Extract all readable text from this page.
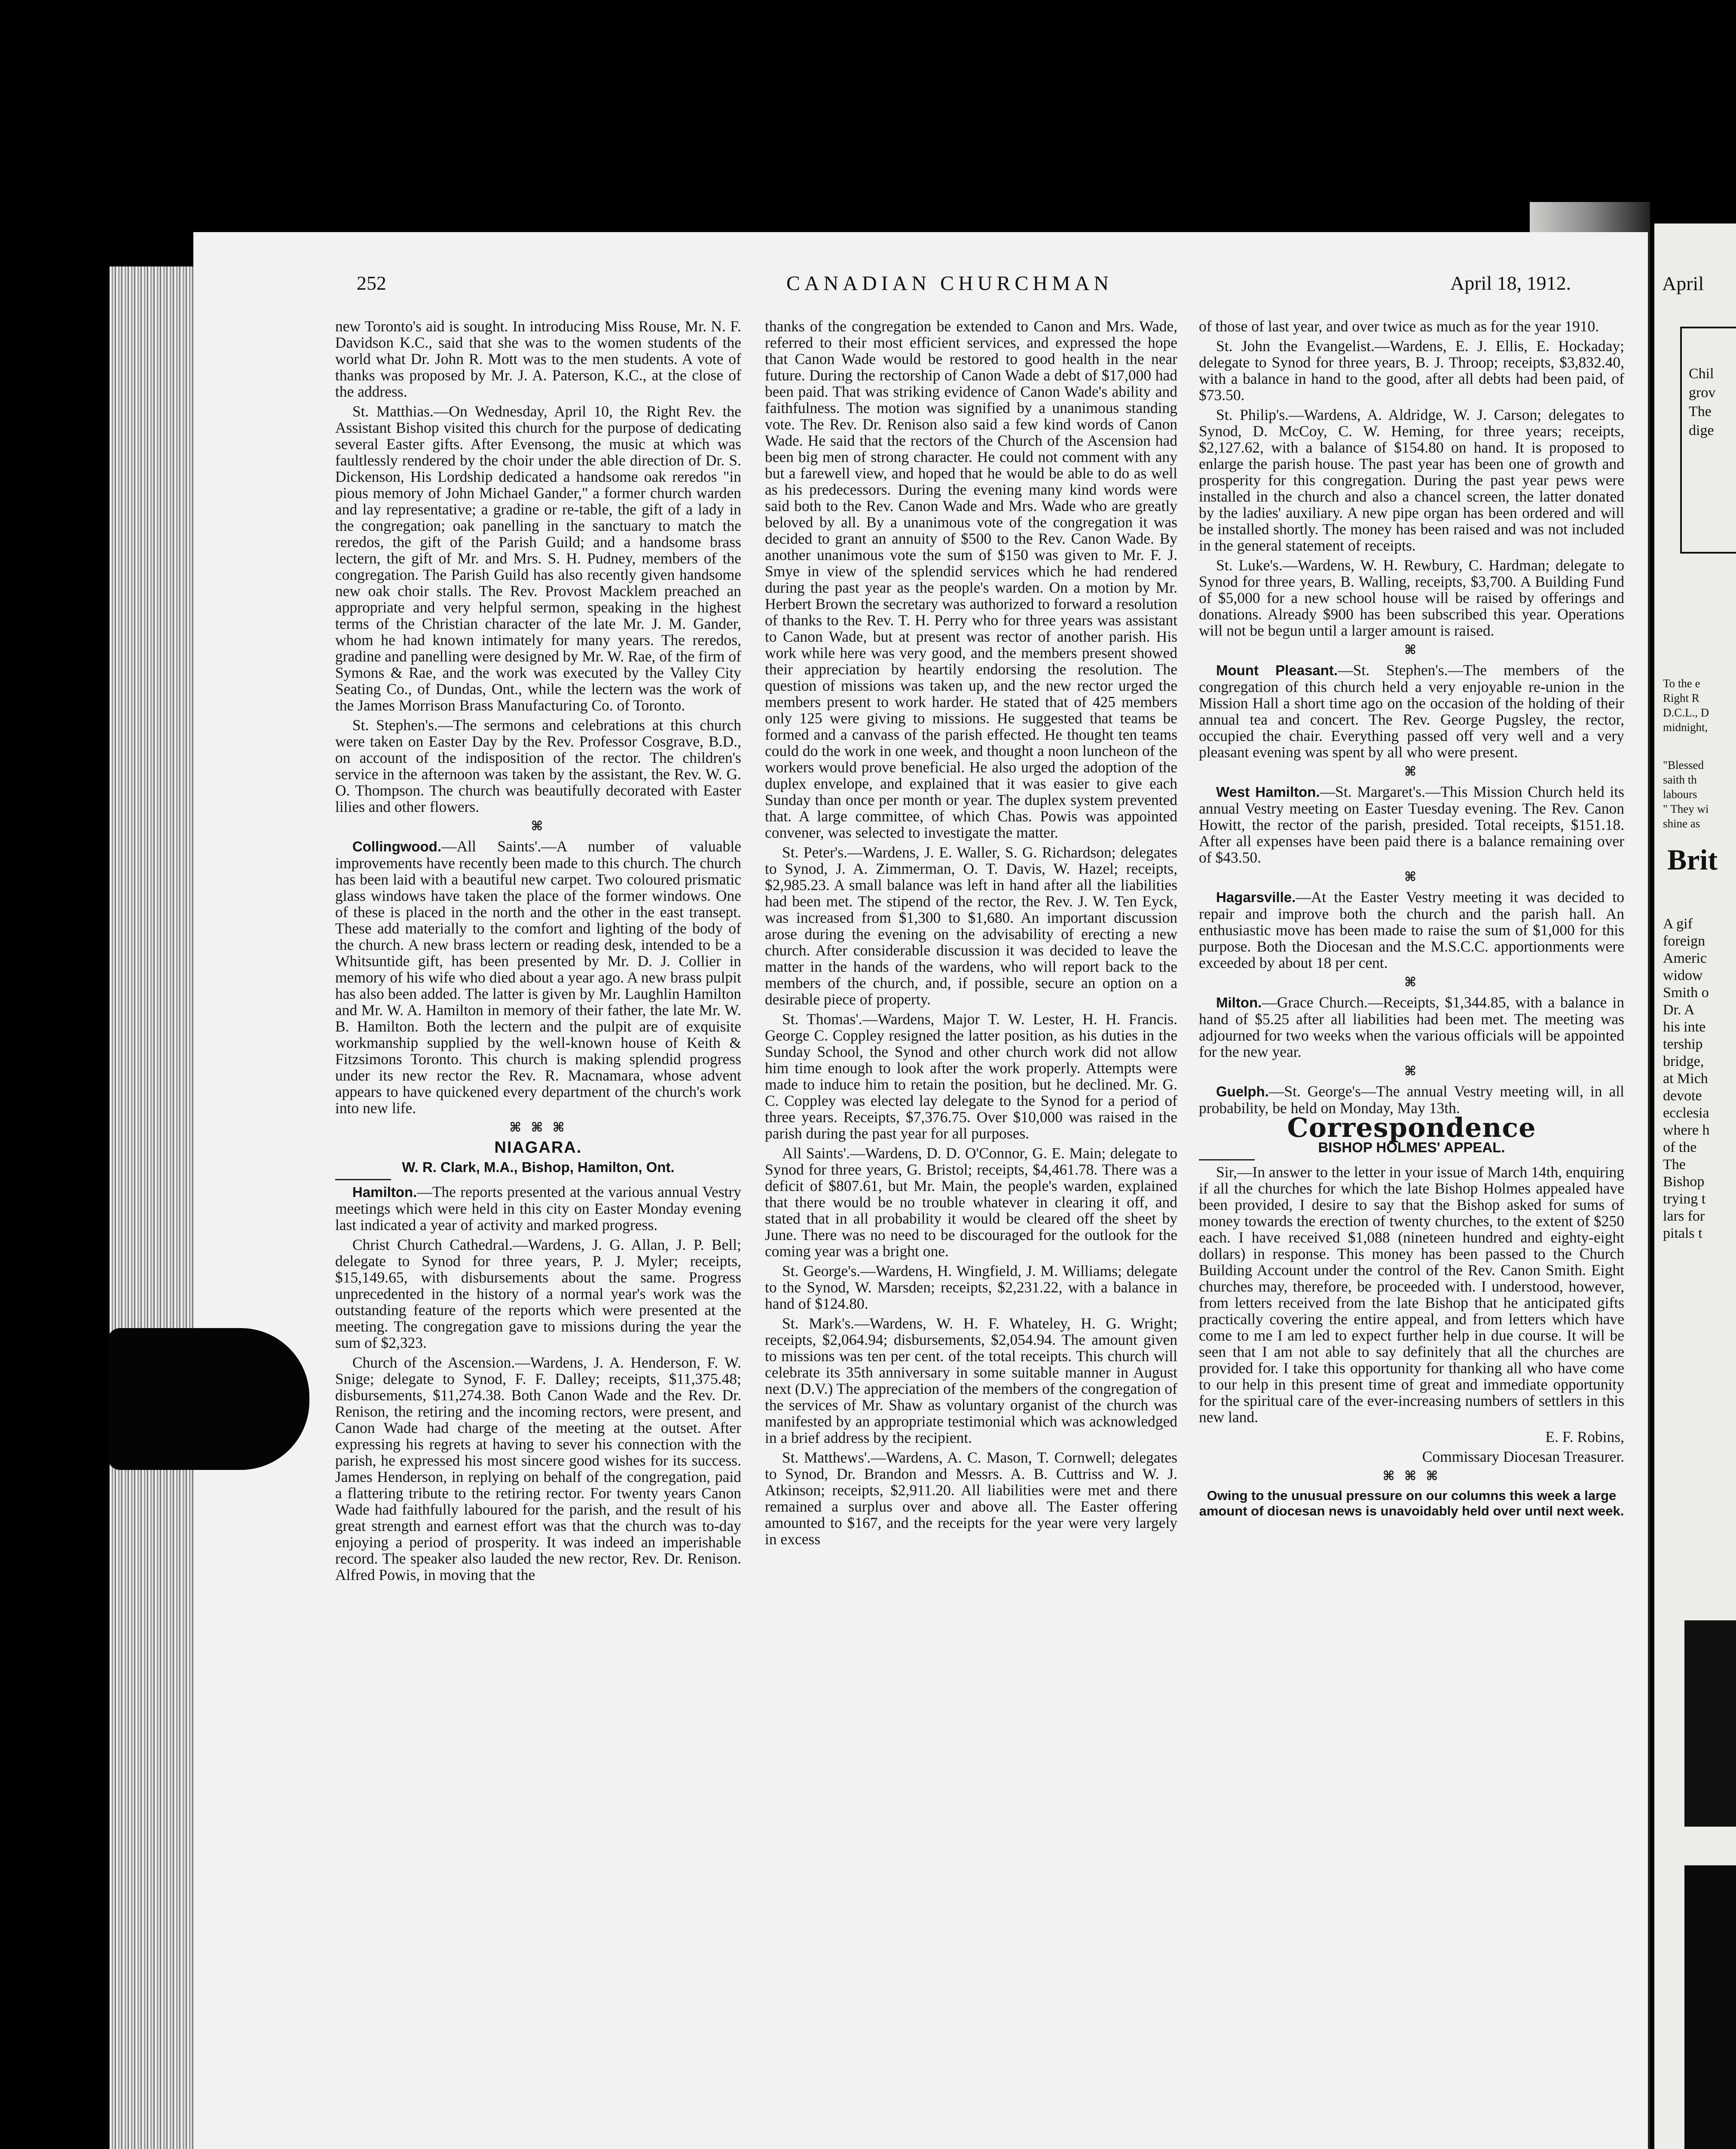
252	CANADIAN CHURCHMAN	April 18, 1912.

new Toronto's aid is sought. In introducing Miss Rouse, Mr. N. F. Davidson K.C., said that she was to the women students of the world what Dr. John R. Mott was to the men students. A vote of thanks was proposed by Mr. J. A. Paterson, K.C., at the close of the address.

St. Matthias.—On Wednesday, April 10, the Right Rev. the Assistant Bishop visited this church for the purpose of dedicating several Easter gifts. After Evensong, the music at which was faultlessly rendered by the choir under the able direction of Dr. S. Dickenson, His Lordship dedicated a handsome oak reredos "in pious memory of John Michael Gander," a former church warden and lay representative; a gradine or re-table, the gift of a lady in the congregation; oak panelling in the sanctuary to match the reredos, the gift of the Parish Guild; and a handsome brass lectern, the gift of Mr. and Mrs. S. H. Pudney, members of the congregation. The Parish Guild has also recently given handsome new oak choir stalls. The Rev. Provost Macklem preached an appropriate and very helpful sermon, speaking in the highest terms of the Christian character of the late Mr. J. M. Gander, whom he had known intimately for many years. The reredos, gradine and panelling were designed by Mr. W. Rae, of the firm of Symons & Rae, and the work was executed by the Valley City Seating Co., of Dundas, Ont., while the lectern was the work of the James Morrison Brass Manufacturing Co. of Toronto.

St. Stephen's.—The sermons and celebrations at this church were taken on Easter Day by the Rev. Professor Cosgrave, B.D., on account of the indisposition of the rector. The children's service in the afternoon was taken by the assistant, the Rev. W. G. O. Thompson. The church was beautifully decorated with Easter lilies and other flowers.

⌘

Collingwood.—All Saints'.—A number of valuable improvements have recently been made to this church. The church has been laid with a beautiful new carpet. Two coloured prismatic glass windows have taken the place of the former windows. One of these is placed in the north and the other in the east transept. These add materially to the comfort and lighting of the body of the church. A new brass lectern or reading desk, intended to be a Whitsuntide gift, has been presented by Mr. D. J. Collier in memory of his wife who died about a year ago. A new brass pulpit has also been added. The latter is given by Mr. Laughlin Hamilton and Mr. W. A. Hamilton in memory of their father, the late Mr. W. B. Hamilton. Both the lectern and the pulpit are of exquisite workmanship supplied by the well-known house of Keith & Fitzsimons Toronto. This church is making splendid progress under its new rector the Rev. R. Macnamara, whose advent appears to have quickened every department of the church's work into new life.

⌘ ⌘ ⌘

NIAGARA.

W. R. Clark, M.A., Bishop, Hamilton, Ont.

Hamilton.—The reports presented at the various annual Vestry meetings which were held in this city on Easter Monday evening last indicated a year of activity and marked progress.

Christ Church Cathedral.—Wardens, J. G. Allan, J. P. Bell; delegate to Synod for three years, P. J. Myler; receipts, $15,149.65, with disbursements about the same. Progress unprecedented in the history of a normal year's work was the outstanding feature of the reports which were presented at the meeting. The congregation gave to missions during the year the sum of $2,323.

Church of the Ascension.—Wardens, J. A. Henderson, F. W. Snige; delegate to Synod, F. F. Dalley; receipts, $11,375.48; disbursements, $11,274.38. Both Canon Wade and the Rev. Dr. Renison, the retiring and the incoming rectors, were present, and Canon Wade had charge of the meeting at the outset. After expressing his regrets at having to sever his connection with the parish, he expressed his most sincere good wishes for its success. James Henderson, in replying on behalf of the congregation, paid a flattering tribute to the retiring rector. For twenty years Canon Wade had faithfully laboured for the parish, and the result of his great strength and earnest effort was that the church was to-day enjoying a period of prosperity. It was indeed an imperishable record. The speaker also lauded the new rector, Rev. Dr. Renison. Alfred Powis, in moving that the

thanks of the congregation be extended to Canon and Mrs. Wade, referred to their most efficient services, and expressed the hope that Canon Wade would be restored to good health in the near future. During the rectorship of Canon Wade a debt of $17,000 had been paid. That was striking evidence of Canon Wade's ability and faithfulness. The motion was signified by a unanimous standing vote. The Rev. Dr. Renison also said a few kind words of Canon Wade. He said that the rectors of the Church of the Ascension had been big men of strong character. He could not comment with any but a farewell view, and hoped that he would be able to do as well as his predecessors. During the evening many kind words were said both to the Rev. Canon Wade and Mrs. Wade who are greatly beloved by all. By a unanimous vote of the congregation it was decided to grant an annuity of $500 to the Rev. Canon Wade. By another unanimous vote the sum of $150 was given to Mr. F. J. Smye in view of the splendid services which he had rendered during the past year as the people's warden. On a motion by Mr. Herbert Brown the secretary was authorized to forward a resolution of thanks to the Rev. T. H. Perry who for three years was assistant to Canon Wade, but at present was rector of another parish. His work while here was very good, and the members present showed their appreciation by heartily endorsing the resolution. The question of missions was taken up, and the new rector urged the members present to work harder. He stated that of 425 members only 125 were giving to missions. He suggested that teams be formed and a canvass of the parish effected. He thought ten teams could do the work in one week, and thought a noon luncheon of the workers would prove beneficial. He also urged the adoption of the duplex envelope, and explained that it was easier to give each Sunday than once per month or year. The duplex system prevented that. A large committee, of which Chas. Powis was appointed convener, was selected to investigate the matter.

St. Peter's.—Wardens, J. E. Waller, S. G. Richardson; delegates to Synod, J. A. Zimmerman, O. T. Davis, W. Hazel; receipts, $2,985.23. A small balance was left in hand after all the liabilities had been met. The stipend of the rector, the Rev. J. W. Ten Eyck, was increased from $1,300 to $1,680. An important discussion arose during the evening on the advisability of erecting a new church. After considerable discussion it was decided to leave the matter in the hands of the wardens, who will report back to the members of the church, and, if possible, secure an option on a desirable piece of property.

St. Thomas'.—Wardens, Major T. W. Lester, H. H. Francis. George C. Coppley resigned the latter position, as his duties in the Sunday School, the Synod and other church work did not allow him time enough to look after the work properly. Attempts were made to induce him to retain the position, but he declined. Mr. G. C. Coppley was elected lay delegate to the Synod for a period of three years. Receipts, $7,376.75. Over $10,000 was raised in the parish during the past year for all purposes.

All Saints'.—Wardens, D. D. O'Connor, G. E. Main; delegate to Synod for three years, G. Bristol; receipts, $4,461.78. There was a deficit of $807.61, but Mr. Main, the people's warden, explained that there would be no trouble whatever in clearing it off, and stated that in all probability it would be cleared off the sheet by June. There was no need to be discouraged for the outlook for the coming year was a bright one.

St. George's.—Wardens, H. Wingfield, J. M. Williams; delegate to the Synod, W. Marsden; receipts, $2,231.22, with a balance in hand of $124.80.

St. Mark's.—Wardens, W. H. F. Whateley, H. G. Wright; receipts, $2,064.94; disbursements, $2,054.94. The amount given to missions was ten per cent. of the total receipts. This church will celebrate its 35th anniversary in some suitable manner in August next (D.V.) The appreciation of the members of the congregation of the services of Mr. Shaw as voluntary organist of the church was manifested by an appropriate testimonial which was acknowledged in a brief address by the recipient.

St. Matthews'.—Wardens, A. C. Mason, T. Cornwell; delegates to Synod, Dr. Brandon and Messrs. A. B. Cuttriss and W. J. Atkinson; receipts, $2,911.20. All liabilities were met and there remained a surplus over and above all. The Easter offering amounted to $167, and the receipts for the year were very largely in excess

of those of last year, and over twice as much as for the year 1910.

St. John the Evangelist.—Wardens, E. J. Ellis, E. Hockaday; delegate to Synod for three years, B. J. Throop; receipts, $3,832.40, with a balance in hand to the good, after all debts had been paid, of $73.50.

St. Philip's.—Wardens, A. Aldridge, W. J. Carson; delegates to Synod, D. McCoy, C. W. Heming, for three years; receipts, $2,127.62, with a balance of $154.80 on hand. It is proposed to enlarge the parish house. The past year has been one of growth and prosperity for this congregation. During the past year pews were installed in the church and also a chancel screen, the latter donated by the ladies' auxiliary. A new pipe organ has been ordered and will be installed shortly. The money has been raised and was not included in the general statement of receipts.

St. Luke's.—Wardens, W. H. Rewbury, C. Hardman; delegate to Synod for three years, B. Walling, receipts, $3,700. A Building Fund of $5,000 for a new school house will be raised by offerings and donations. Already $900 has been subscribed this year. Operations will not be begun until a larger amount is raised.

⌘

Mount Pleasant.—St. Stephen's.—The members of the congregation of this church held a very enjoyable re-union in the Mission Hall a short time ago on the occasion of the holding of their annual tea and concert. The Rev. George Pugsley, the rector, occupied the chair. Everything passed off very well and a very pleasant evening was spent by all who were present.

⌘

West Hamilton.—St. Margaret's.—This Mission Church held its annual Vestry meeting on Easter Tuesday evening. The Rev. Canon Howitt, the rector of the parish, presided. Total receipts, $151.18. After all expenses have been paid there is a balance remaining over of $43.50.

⌘

Hagarsville.—At the Easter Vestry meeting it was decided to repair and improve both the church and the parish hall. An enthusiastic move has been made to raise the sum of $1,000 for this purpose. Both the Diocesan and the M.S.C.C. apportionments were exceeded by about 18 per cent.

⌘

Milton.—Grace Church.—Receipts, $1,344.85, with a balance in hand of $5.25 after all liabilities had been met. The meeting was adjourned for two weeks when the various officials will be appointed for the new year.

⌘

Guelph.—St. George's—The annual Vestry meeting will, in all probability, be held on Monday, May 13th.

Correspondence

BISHOP HOLMES' APPEAL.

Sir,—In answer to the letter in your issue of March 14th, enquiring if all the churches for which the late Bishop Holmes appealed have been provided, I desire to say that the Bishop asked for sums of money towards the erection of twenty churches, to the extent of $250 each. I have received $1,088 (nineteen hundred and eighty-eight dollars) in response. This money has been passed to the Church Building Account under the control of the Rev. Canon Smith. Eight churches may, therefore, be proceeded with. I understood, however, from letters received from the late Bishop that he anticipated gifts practically covering the entire appeal, and from letters which have come to me I am led to expect further help in due course. It will be seen that I am not able to say definitely that all the churches are provided for. I take this opportunity for thanking all who have come to our help in this present time of great and immediate opportunity for the spiritual care of the ever-increasing numbers of settlers in this new land.

E. F. Robins,

Commissary Diocesan Treasurer.

⌘ ⌘ ⌘

Owing to the unusual pressure on our columns this week a large amount of diocesan news is unavoidably held over until next week.

April
Chil
grov
The
dige
To the e
Right R
D.C.L., D
midnight,
"Blessed
saith th
labours
" They wi
shine as
Brit
A gif
foreign
Americ
widow
Smith o
Dr. A
his inte
tership
bridge,
at Mich
devote
ecclesia
where h
of the
The
Bishop
trying t
lars for
pitals t
